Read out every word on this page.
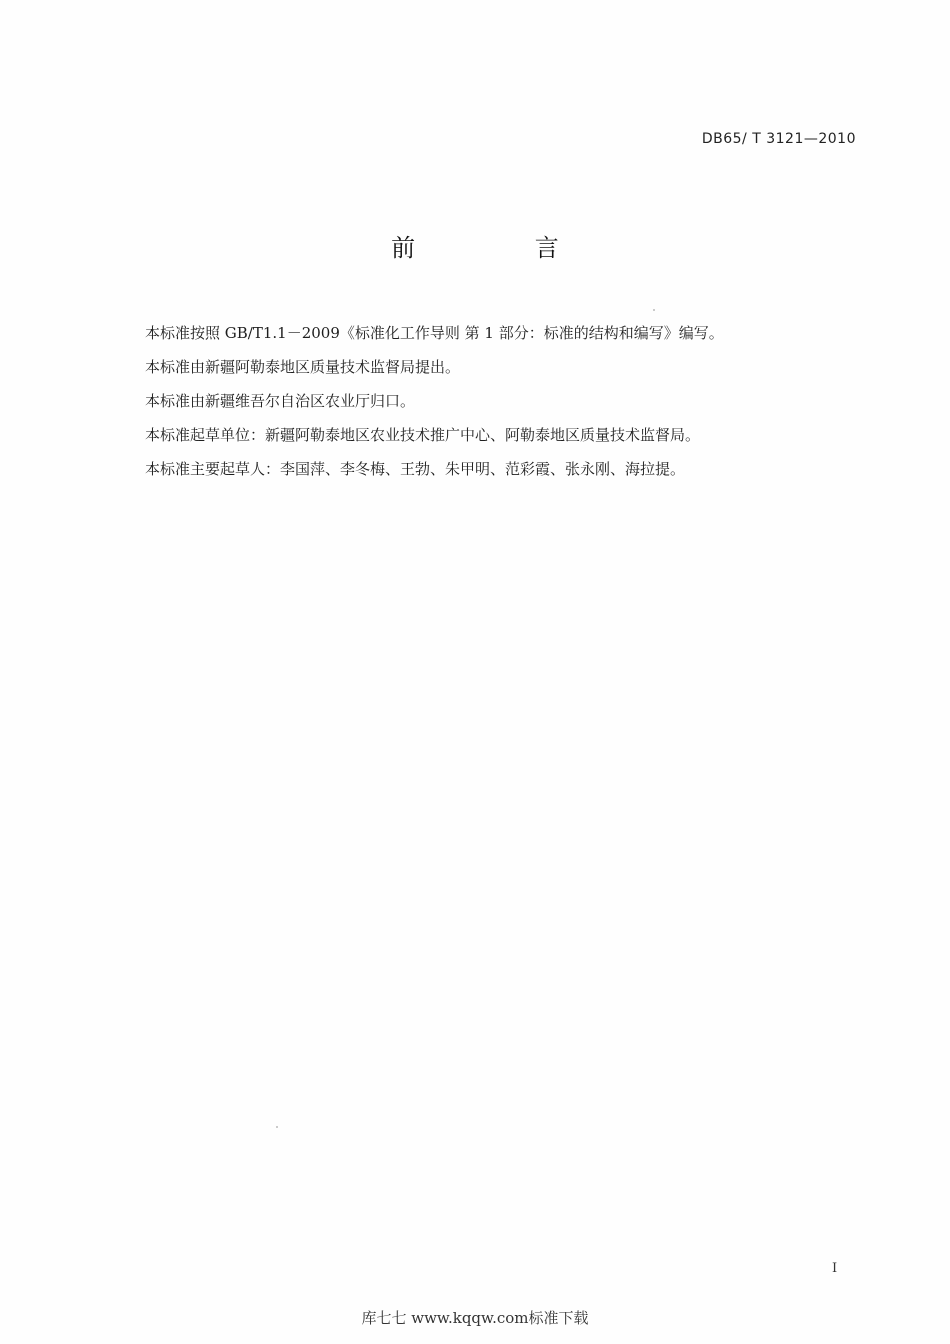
DB65/ T 3121—2010
前 言
本标准按照 GB/T1.1－2009《标准化工作导则 第 1 部分：标准的结构和编写》编写。
本标准由新疆阿勒泰地区质量技术监督局提出。
本标准由新疆维吾尔自治区农业厅归口。
本标准起草单位：新疆阿勒泰地区农业技术推广中心、阿勒泰地区质量技术监督局。
本标准主要起草人：李国萍、李冬梅、王勃、朱甲明、范彩霞、张永刚、海拉提。
I
库七七 www.kqqw.com标准下载
